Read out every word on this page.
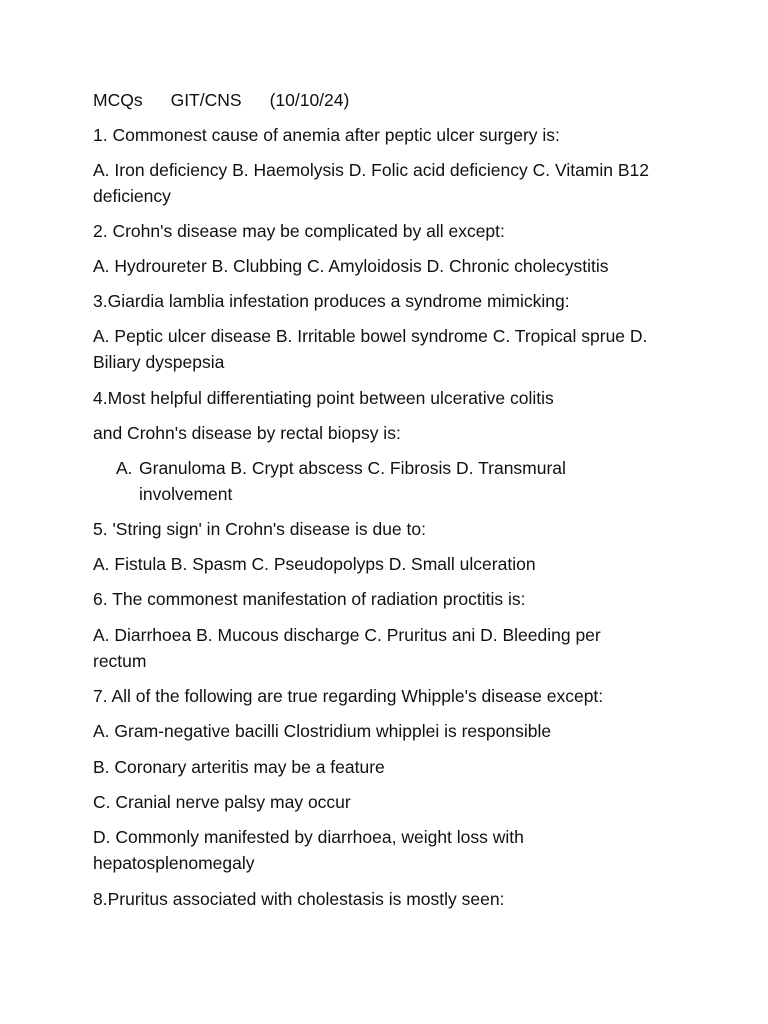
MCQs GIT/CNS (10/10/24)
1. Commonest cause of anemia after peptic ulcer surgery is:
A. Iron deficiency B. Haemolysis D. Folic acid deficiency C. Vitamin B12 deficiency
2. Crohn's disease may be complicated by all except:
A. Hydroureter B. Clubbing C. Amyloidosis D. Chronic cholecystitis
3.Giardia lamblia infestation produces a syndrome mimicking:
A. Peptic ulcer disease B. Irritable bowel syndrome C. Tropical sprue D. Biliary dyspepsia
4.Most helpful differentiating point between ulcerative colitis
and Crohn's disease by rectal biopsy is:
A. Granuloma B. Crypt abscess C. Fibrosis D. Transmural involvement
5. 'String sign' in Crohn's disease is due to:
A. Fistula B. Spasm C. Pseudopolyps D. Small ulceration
6. The commonest manifestation of radiation proctitis is:
A. Diarrhoea B. Mucous discharge C. Pruritus ani D. Bleeding per rectum
7. All of the following are true regarding Whipple's disease except:
A. Gram-negative bacilli Clostridium whipplei is responsible
B. Coronary arteritis may be a feature
C. Cranial nerve palsy may occur
D. Commonly manifested by diarrhoea, weight loss with hepatosplenomegaly
8.Pruritus associated with cholestasis is mostly seen:
